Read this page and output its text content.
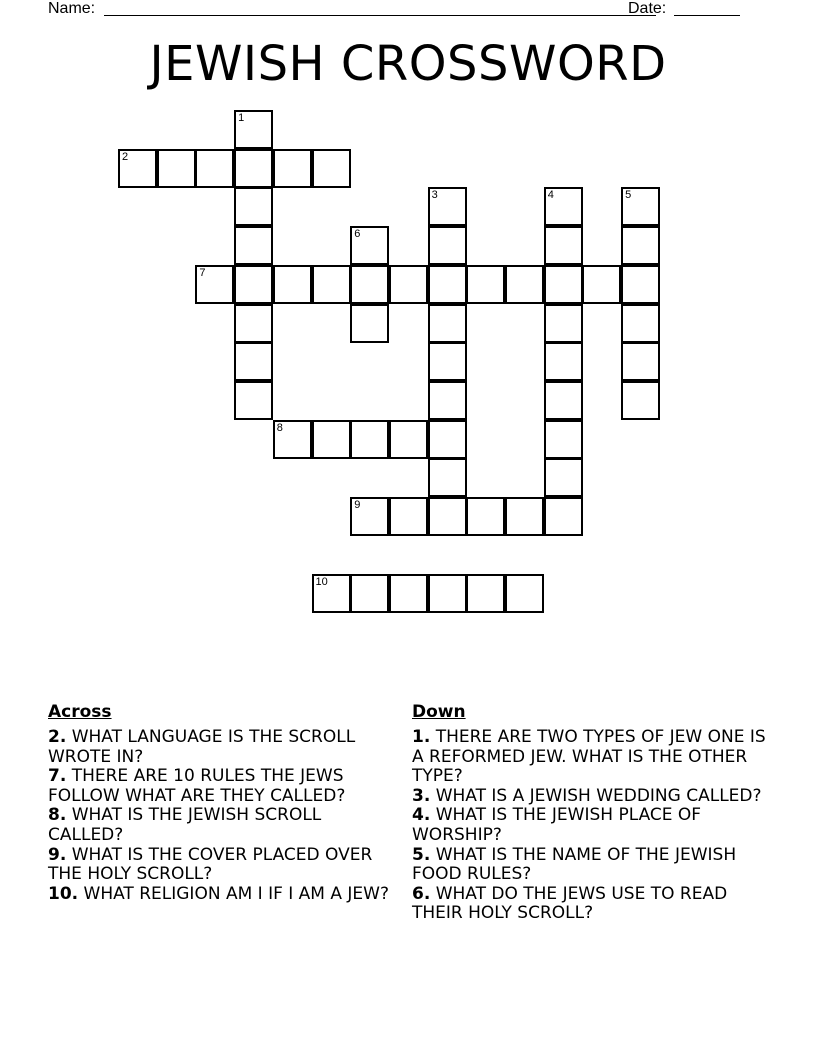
Name:	Date:
JEWISH CROSSWORD
1
2
3	4	5
6
7
8
9
10
Across

2. WHAT LANGUAGE IS THE SCROLL WROTE IN?

7. THERE ARE 10 RULES THE JEWS FOLLOW WHAT ARE THEY CALLED?

8. WHAT IS THE JEWISH SCROLL CALLED?

9. WHAT IS THE COVER PLACED OVER THE HOLY SCROLL?

10. WHAT RELIGION AM I IF I AM A JEW?

Down

1. THERE ARE TWO TYPES OF JEW ONE IS A REFORMED JEW. WHAT IS THE OTHER TYPE?

3. WHAT IS A JEWISH WEDDING CALLED?

4. WHAT IS THE JEWISH PLACE OF WORSHIP?

5. WHAT IS THE NAME OF THE JEWISH FOOD RULES?

6. WHAT DO THE JEWS USE TO READ THEIR HOLY SCROLL?
